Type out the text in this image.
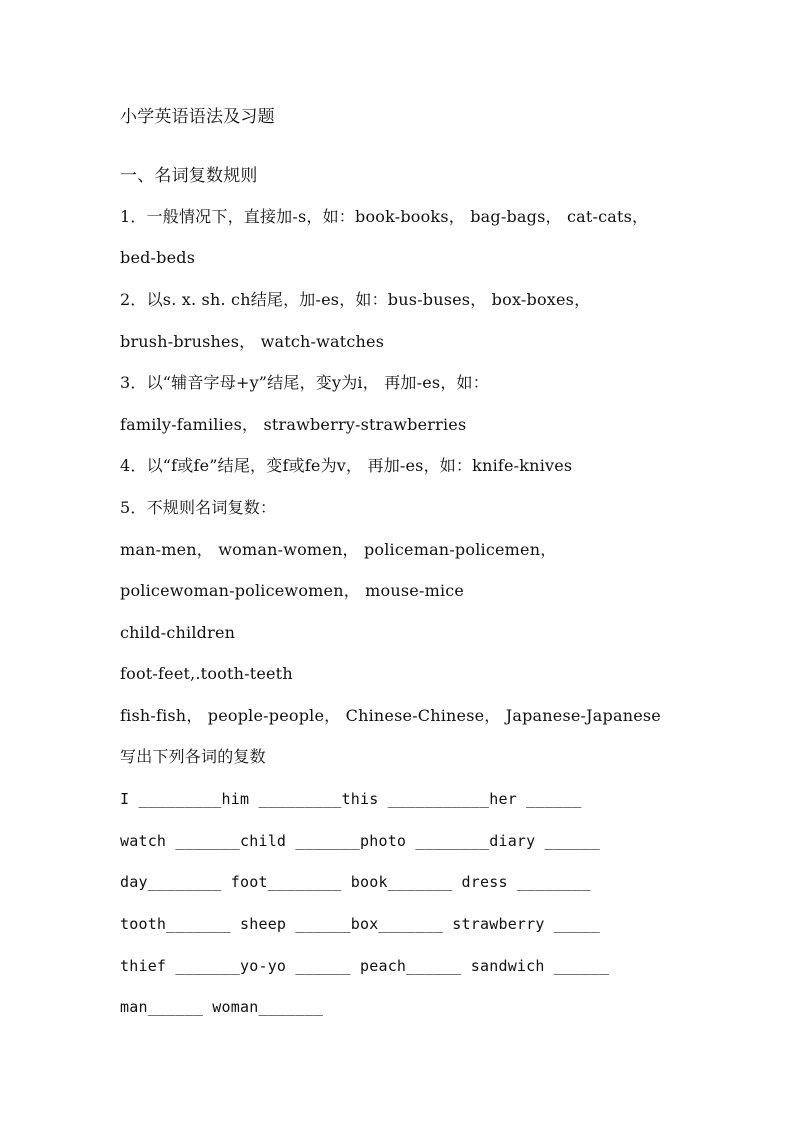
小学英语语法及习题
一、名词复数规则
1．一般情况下，直接加-s，如：book-books， bag-bags， cat-cats，
bed-beds
2．以s. x. sh. ch结尾，加-es，如：bus-buses， box-boxes，
brush-brushes， watch-watches
3．以“辅音字母+y”结尾，变y为i， 再加-es，如：
family-families， strawberry-strawberries
4．以“f或fe”结尾，变f或fe为v， 再加-es，如：knife-knives
5．不规则名词复数：
man-men， woman-women， policeman-policemen，
policewoman-policewomen， mouse-mice
child-children
foot-feet,.tooth-teeth
fish-fish， people-people， Chinese-Chinese， Japanese-Japanese
写出下列各词的复数
I _________him _________this ___________her ______
watch _______child _______photo ________diary ______
day________ foot________ book_______ dress ________
tooth_______ sheep ______box_______ strawberry _____
thief _______yo-yo ______ peach______ sandwich ______
man______ woman_______
